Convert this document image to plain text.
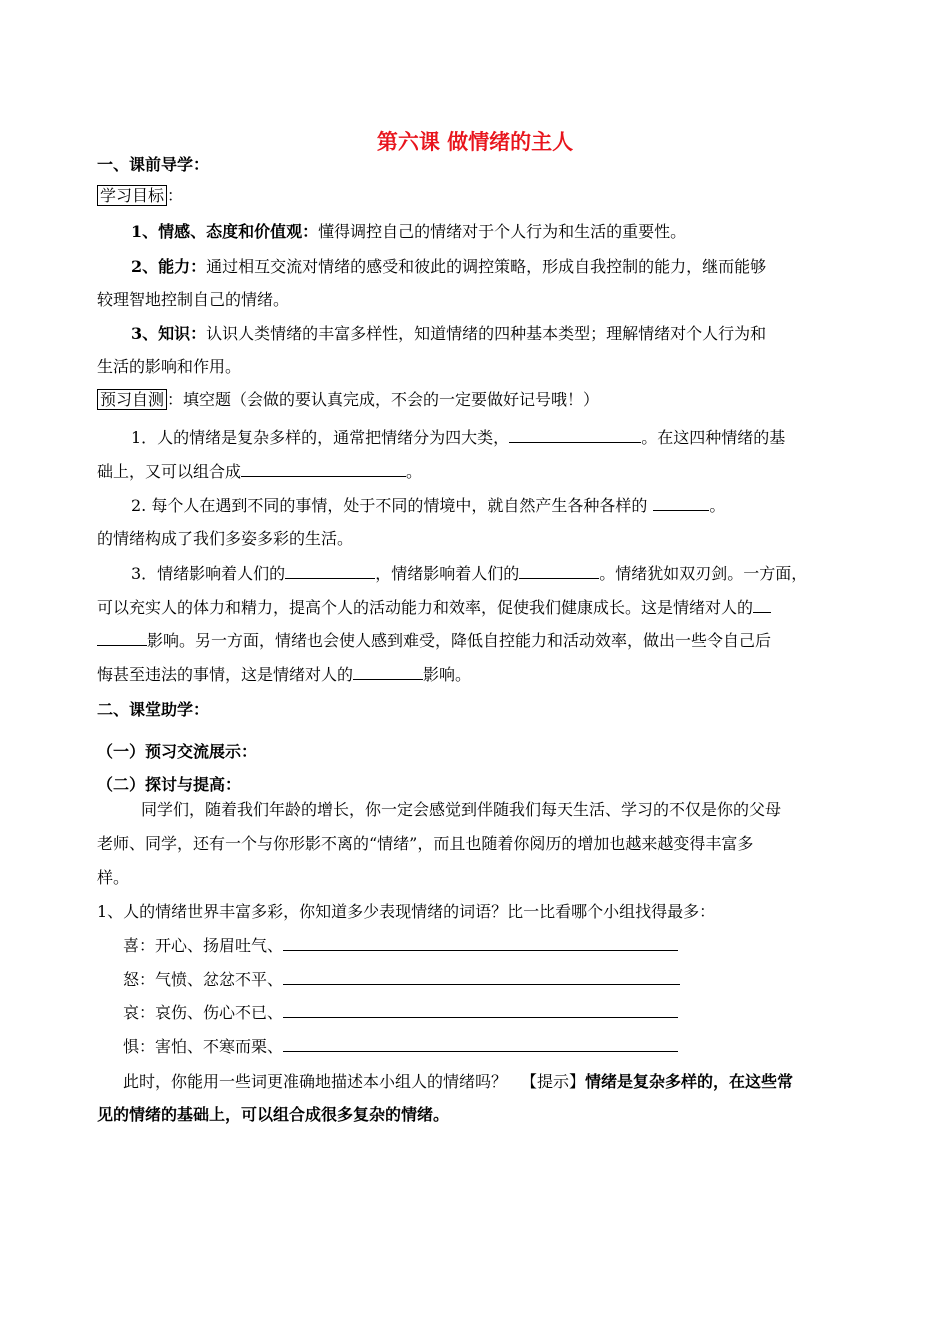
第六课 做情绪的主人
一、课前导学：
学习目标 ：
1、情感、态度和价值观：懂得调控自己的情绪对于个人行为和生活的重要性。
2、能力：通过相互交流对情绪的感受和彼此的调控策略，形成自我控制的能力，继而能够
较理智地控制自己的情绪。
3、知识：认识人类情绪的丰富多样性，知道情绪的四种基本类型；理解情绪对个人行为和
生活的影响和作用。
预习自测 ：填空题（会做的要认真完成，不会的一定要做好记号哦！）
1．人的情绪是复杂多样的，通常把情绪分为四大类，	。在这四种情绪的基
础上，又可以组合成	。
2. 每个人在遇到不同的事情，处于不同的情境中，就自然产生各种各样的	。
的情绪构成了我们多姿多彩的生活。
3．情绪影响着人们的	，情绪影响着人们的	。情绪犹如双刃剑。一方面，
可以充实人的体力和精力，提高个人的活动能力和效率，促使我们健康成长。这是情绪对人的
影响。另一方面，情绪也会使人感到难受，降低自控能力和活动效率，做出一些令自己后
悔甚至违法的事情，这是情绪对人的	影响。
二、课堂助学：
（一）预习交流展示：
（二）探讨与提高：
同学们，随着我们年龄的增长，你一定会感觉到伴随我们每天生活、学习的不仅是你的父母
老师、同学，还有一个与你形影不离的“情绪”，而且也随着你阅历的增加也越来越变得丰富多
样。
1、人的情绪世界丰富多彩，你知道多少表现情绪的词语？比一比看哪个小组找得最多：
喜：开心、扬眉吐气、
怒：气愤、忿忿不平、
哀：哀伤、伤心不已、
惧：害怕、不寒而栗、
此时，你能用一些词更准确地描述本小组人的情绪吗？ 【提示】情绪是复杂多样的，在这些常
见的情绪的基础上，可以组合成很多复杂的情绪。
